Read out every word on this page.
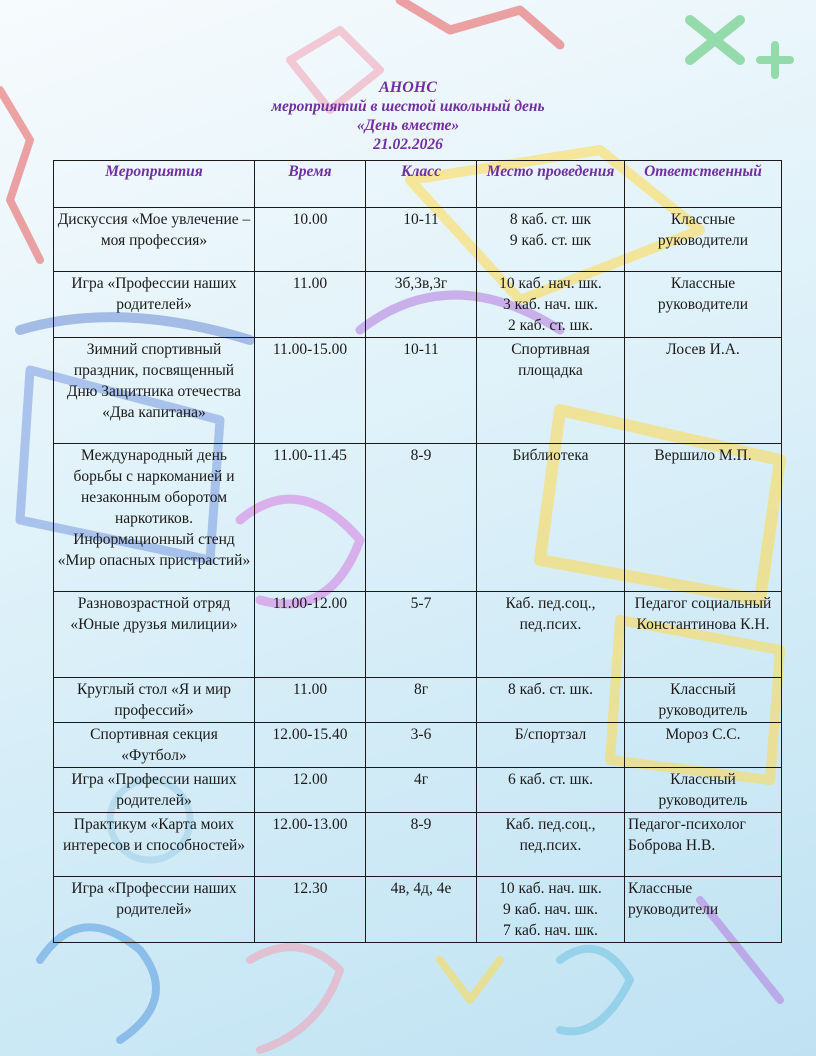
АНОНС
мероприятий в шестой школьный день
«День вместе»
21.02.2026
Мероприятия	Время	Класс	Место проведения	Ответственный
Дискуссия «Мое увлечение – моя профессия»	10.00	10-11	8 каб. ст. шк
9 каб. ст. шк	Классные руководители

Игра «Профессии наших родителей»	11.00	3б,3в,3г	10 каб. нач. шк.
3 каб. нач. шк.
2 каб. ст. шк.	Классные руководители

Зимний спортивный праздник, посвященный Дню Защитника отечества «Два капитана»	11.00-15.00	10-11	Спортивная площадка	Лосев И.А.

Международный день борьбы с наркоманией и незаконным оборотом наркотиков. Информационный стенд «Мир опасных пристрастий»	11.00-11.45	8-9	Библиотека	Вершило М.П.

Разновозрастной отряд «Юные друзья милиции»	11.00-12.00	5-7	Каб. пед.соц., пед.псих.	Педагог социальный Константинова К.Н.

Круглый стол «Я и мир профессий»	11.00	8г	8 каб. ст. шк.	Классный руководитель

Спортивная секция «Футбол»	12.00-15.40	3-6	Б/спортзал	Мороз С.С.

Игра «Профессии наших родителей»	12.00	4г	6 каб. ст. шк.	Классный руководитель

Практикум «Карта моих интересов и способностей»	12.00-13.00	8-9	Каб. пед.соц., пед.псих.	Педагог-психолог
Боброва Н.В.

Игра «Профессии наших родителей»	12.30	4в, 4д, 4е	10 каб. нач. шк.
9 каб. нач. шк.
7 каб. нач. шк.	Классные руководители
